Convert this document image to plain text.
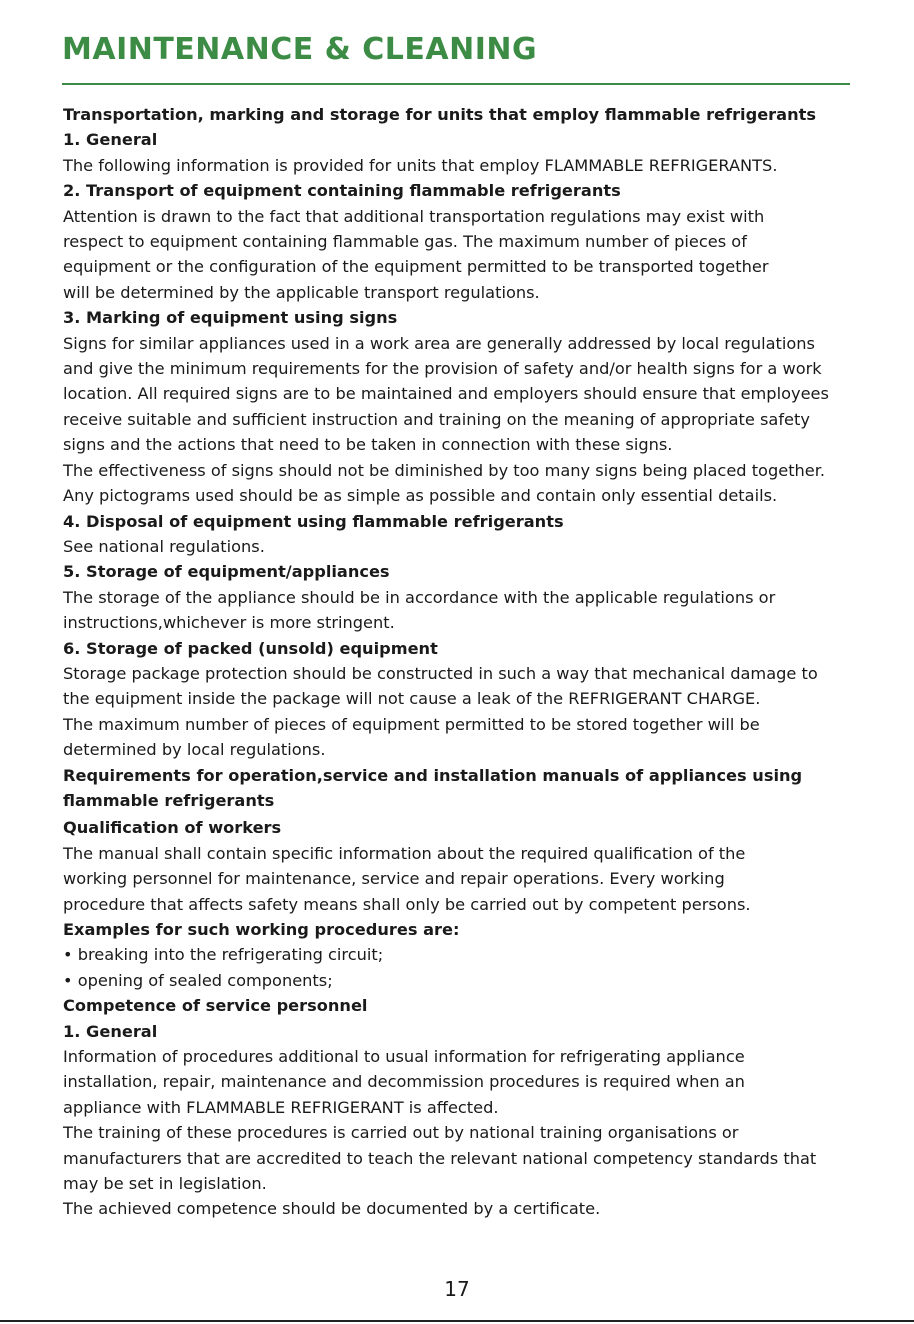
MAINTENANCE & CLEANING

Transportation, marking and storage for units that employ flammable refrigerants

1. General

The following information is provided for units that employ FLAMMABLE REFRIGERANTS.

2. Transport of equipment containing flammable refrigerants

Attention is drawn to the fact that additional transportation regulations may exist with

respect to equipment containing flammable gas. The maximum number of pieces of

equipment or the configuration of the equipment permitted to be transported together

will be determined by the applicable transport regulations.

3. Marking of equipment using signs

Signs for similar appliances used in a work area are generally addressed by local regulations

and give the minimum requirements for the provision of safety and/or health signs for a work

location. All required signs are to be maintained and employers should ensure that employees

receive suitable and sufficient instruction and training on the meaning of appropriate safety

signs and the actions that need to be taken in connection with these signs.

The effectiveness of signs should not be diminished by too many signs being placed together.

Any pictograms used should be as simple as possible and contain only essential details.

4. Disposal of equipment using flammable refrigerants

See national regulations.

5. Storage of equipment/appliances

The storage of the appliance should be in accordance with the applicable regulations or

instructions,whichever is more stringent.

6. Storage of packed (unsold) equipment

Storage package protection should be constructed in such a way that mechanical damage to

the equipment inside the package will not cause a leak of the REFRIGERANT CHARGE.

The maximum number of pieces of equipment permitted to be stored together will be

determined by local regulations.

Requirements for operation,service and installation manuals of appliances using

flammable refrigerants

Qualification of workers

The manual shall contain specific information about the required qualification of the

working personnel for maintenance, service and repair operations. Every working

procedure that affects safety means shall only be carried out by competent persons.

Examples for such working procedures are:

• breaking into the refrigerating circuit;

• opening of sealed components;

Competence of service personnel

1. General

Information of procedures additional to usual information for refrigerating appliance

installation, repair, maintenance and decommission procedures is required when an

appliance with FLAMMABLE REFRIGERANT is affected.

The training of these procedures is carried out by national training organisations or

manufacturers that are accredited to teach the relevant national competency standards that

may be set in legislation.

The achieved competence should be documented by a certificate.

17
